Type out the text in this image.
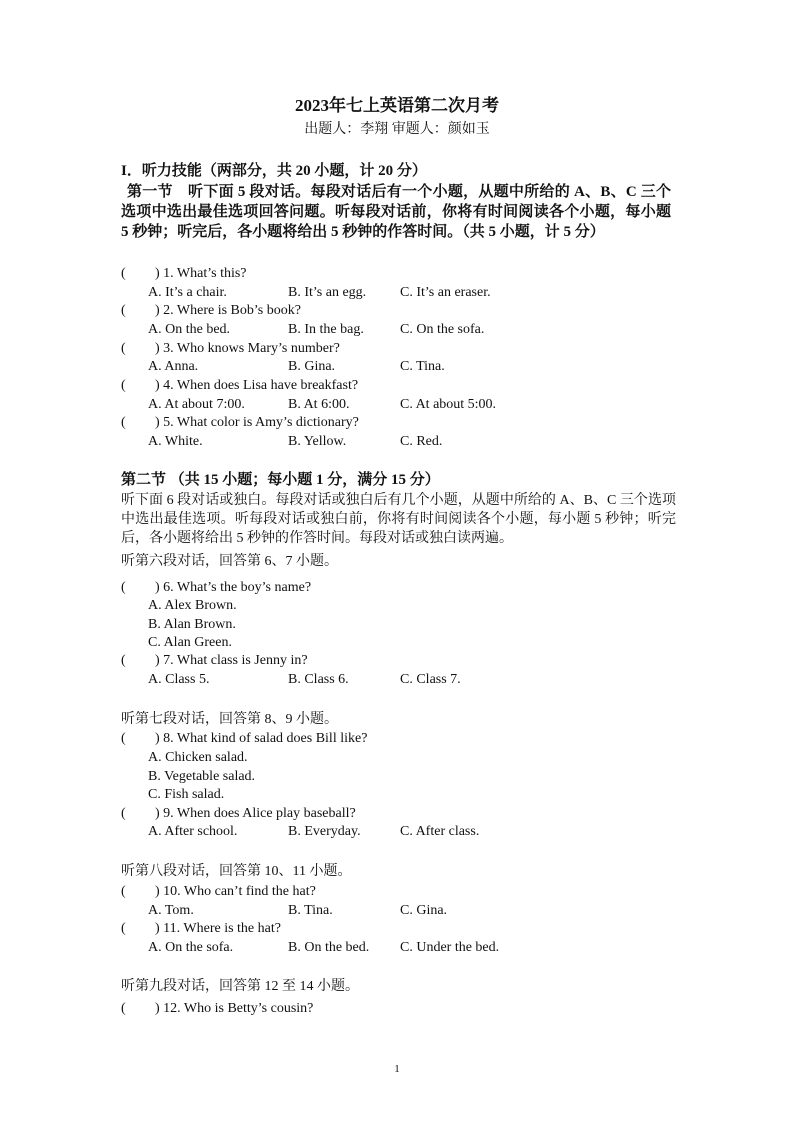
2023年七上英语第二次月考
出题人：李翔 审题人：颜如玉
I．听力技能（两部分，共 20 小题，计 20 分）
第一节　听下面 5 段对话。每段对话后有一个小题，从题中所给的 A、B、C 三个选项中选出最佳选项回答问题。听每段对话前，你将有时间阅读各个小题，每小题 5 秒钟；听完后，各小题将给出 5 秒钟的作答时间。（共 5 小题，计 5 分）
( ) 1. What’s this?
A. It’s a chair.	B. It’s an egg. C. It’s an eraser.
( ) 2. Where is Bob’s book?
A. On the bed.	B. In the bag.	C. On the sofa.
( ) 3. Who knows Mary’s number?
A. Anna.	B. Gina.	C. Tina.
( ) 4. When does Lisa have breakfast?
A. At about 7:00.	B. At 6:00.	C. At about 5:00.
( ) 5. What color is Amy’s dictionary?
A. White.	B. Yellow.	C. Red.
第二节 （共 15 小题；每小题 1 分，满分 15 分）
听下面 6 段对话或独白。每段对话或独白后有几个小题，从题中所给的 A、B、C 三个选项中选出最佳选项。听每段对话或独白前，你将有时间阅读各个小题，每小题 5 秒钟；听完后，各小题将给出 5 秒钟的作答时间。每段对话或独白读两遍。
听第六段对话，回答第 6、7 小题。
( ) 6. What’s the boy’s name?
A. Alex Brown.
B. Alan Brown.
C. Alan Green.
( ) 7. What class is Jenny in?
A. Class 5.	B. Class 6.	C. Class 7.
听第七段对话，回答第 8、9 小题。
( ) 8. What kind of salad does Bill like?
A. Chicken salad.
B. Vegetable salad.
C. Fish salad.
( ) 9. When does Alice play baseball?
A. After school.	B. Everyday.	C. After class.
听第八段对话，回答第 10、11 小题。
( ) 10. Who can’t find the hat?
A. Tom.	B. Tina.	C. Gina.
( ) 11. Where is the hat?
A. On the sofa.	B. On the bed. C. Under the bed.
听第九段对话，回答第 12 至 14 小题。
( ) 12. Who is Betty’s cousin?
1
